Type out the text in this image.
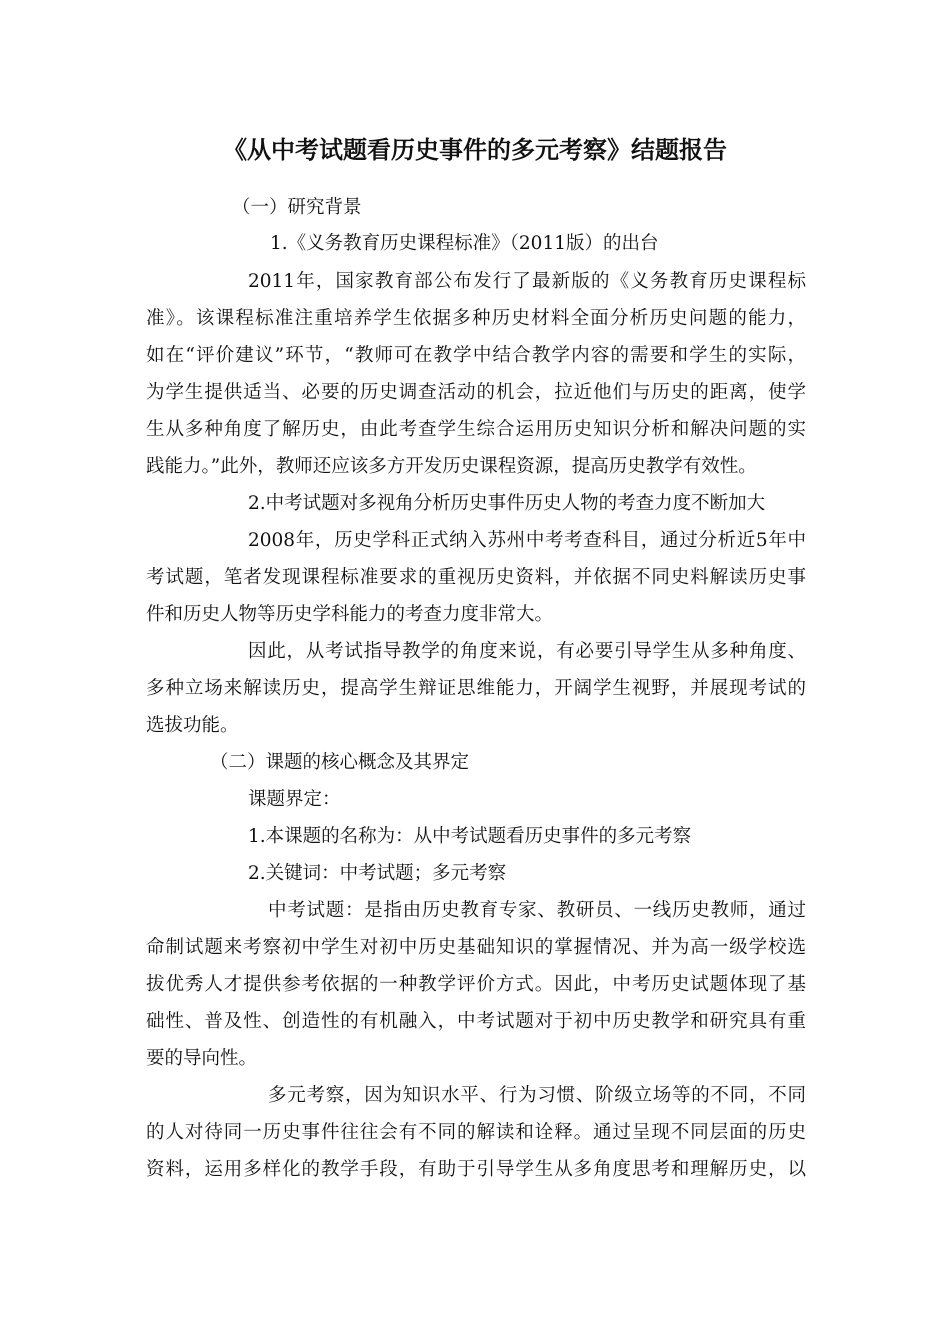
《从中考试题看历史事件的多元考察》结题报告

（一）研究背景

1.《义务教育历史课程标准》（2011版）的出台

2011年，国家教育部公布发行了最新版的《义务教育历史课程标

准》。该课程标准注重培养学生依据多种历史材料全面分析历史问题的能力，

如在“评价建议”环节，“教师可在教学中结合教学内容的需要和学生的实际，

为学生提供适当、必要的历史调查活动的机会，拉近他们与历史的距离，使学

生从多种角度了解历史，由此考查学生综合运用历史知识分析和解决问题的实

践能力。”此外，教师还应该多方开发历史课程资源，提高历史教学有效性。

2.中考试题对多视角分析历史事件历史人物的考查力度不断加大

2008年，历史学科正式纳入苏州中考考查科目，通过分析近5年中

考试题，笔者发现课程标准要求的重视历史资料，并依据不同史料解读历史事

件和历史人物等历史学科能力的考查力度非常大。

因此，从考试指导教学的角度来说，有必要引导学生从多种角度、

多种立场来解读历史，提高学生辩证思维能力，开阔学生视野，并展现考试的

选拔功能。

（二）课题的核心概念及其界定

课题界定：

1.本课题的名称为：从中考试题看历史事件的多元考察

2.关键词：中考试题；多元考察

中考试题：是指由历史教育专家、教研员、一线历史教师，通过

命制试题来考察初中学生对初中历史基础知识的掌握情况、并为高一级学校选

拔优秀人才提供参考依据的一种教学评价方式。因此，中考历史试题体现了基

础性、普及性、创造性的有机融入，中考试题对于初中历史教学和研究具有重

要的导向性。

多元考察，因为知识水平、行为习惯、阶级立场等的不同，不同

的人对待同一历史事件往往会有不同的解读和诠释。通过呈现不同层面的历史

资料，运用多样化的教学手段，有助于引导学生从多角度思考和理解历史，以
